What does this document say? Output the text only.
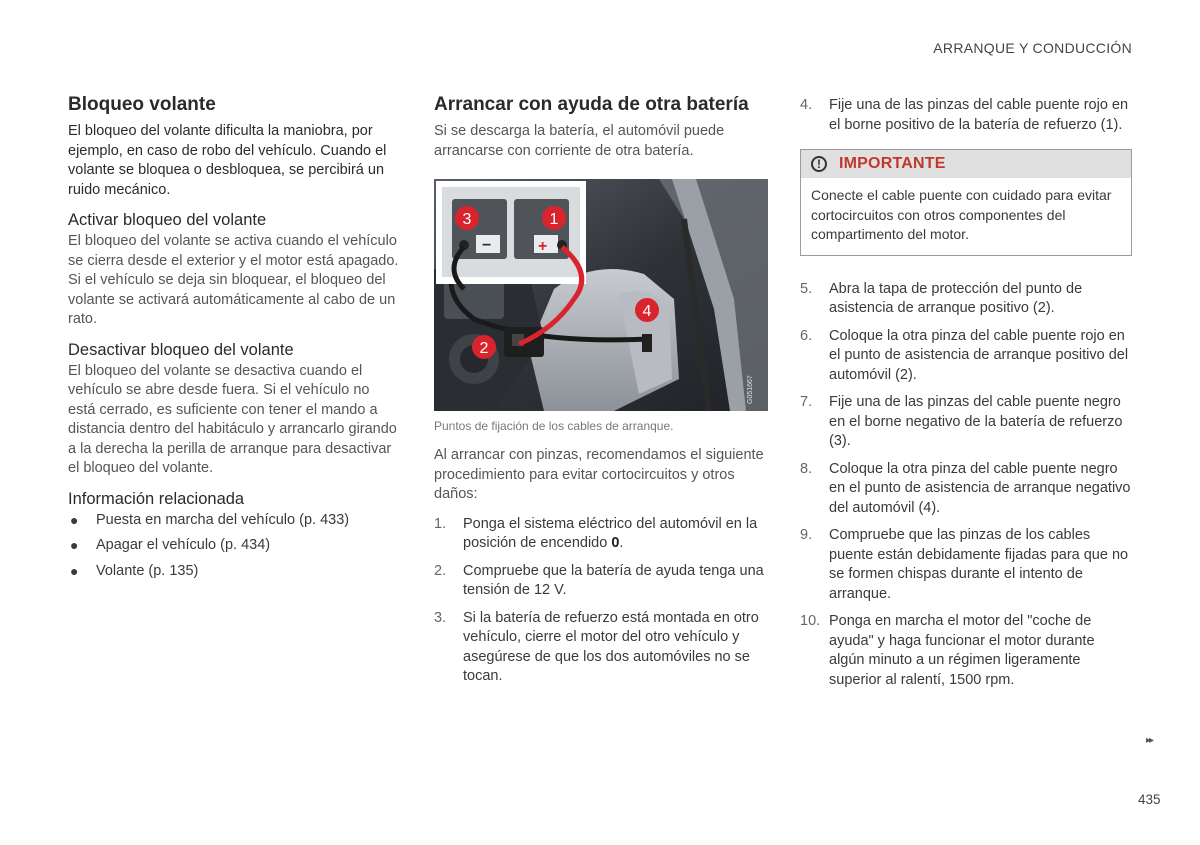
ARRANQUE Y CONDUCCIÓN
Bloqueo volante

El bloqueo del volante dificulta la maniobra, por ejemplo, en caso de robo del vehículo. Cuando el volante se bloquea o desbloquea, se percibirá un ruido mecánico.

Activar bloqueo del volante

El bloqueo del volante se activa cuando el vehículo se cierra desde el exterior y el motor está apagado. Si el vehículo se deja sin bloquear, el bloqueo del volante se activará automáticamente al cabo de un rato.

Desactivar bloqueo del volante

El bloqueo del volante se desactiva cuando el vehículo se abre desde fuera. Si el vehículo no está cerrado, es suficiente con tener el mando a distancia dentro del habitáculo y arrancarlo girando a la derecha la perilla de arranque para desactivar el bloqueo del volante.

Información relacionada
● Puesta en marcha del vehículo (p. 433)
● Apagar el vehículo (p. 434)
● Volante (p. 135)
Arrancar con ayuda de otra batería

Si se descarga la batería, el automóvil puede arrancarse con corriente de otra batería.

−	+
3	1
2
4
G051667
Puntos de fijación de los cables de arranque.

Al arrancar con pinzas, recomendamos el siguiente procedimiento para evitar cortocircuitos y otros daños:

1. Ponga el sistema eléctrico del automóvil en la posición de encendido 0.
2. Compruebe que la batería de ayuda tenga una tensión de 12 V.
3. Si la batería de refuerzo está montada en otro vehículo, cierre el motor del otro vehículo y asegúrese de que los dos automóviles no se tocan.
4. Fije una de las pinzas del cable puente rojo en el borne positivo de la batería de refuerzo (1).
!	IMPORTANTE
Conecte el cable puente con cuidado para evitar cortocircuitos con otros componentes del compartimento del motor.
5. Abra la tapa de protección del punto de asistencia de arranque positivo (2).
6. Coloque la otra pinza del cable puente rojo en el punto de asistencia de arranque positivo del automóvil (2).
7. Fije una de las pinzas del cable puente negro en el borne negativo de la batería de refuerzo (3).
8. Coloque la otra pinza del cable puente negro en el punto de asistencia de arranque negativo del automóvil (4).
9. Compruebe que las pinzas de los cables puente están debidamente fijadas para que no se formen chispas durante el intento de arranque.
10. Ponga en marcha el motor del "coche de ayuda" y haga funcionar el motor durante algún minuto a un régimen ligeramente superior al ralentí, 1500 rpm.
▸▸
435
